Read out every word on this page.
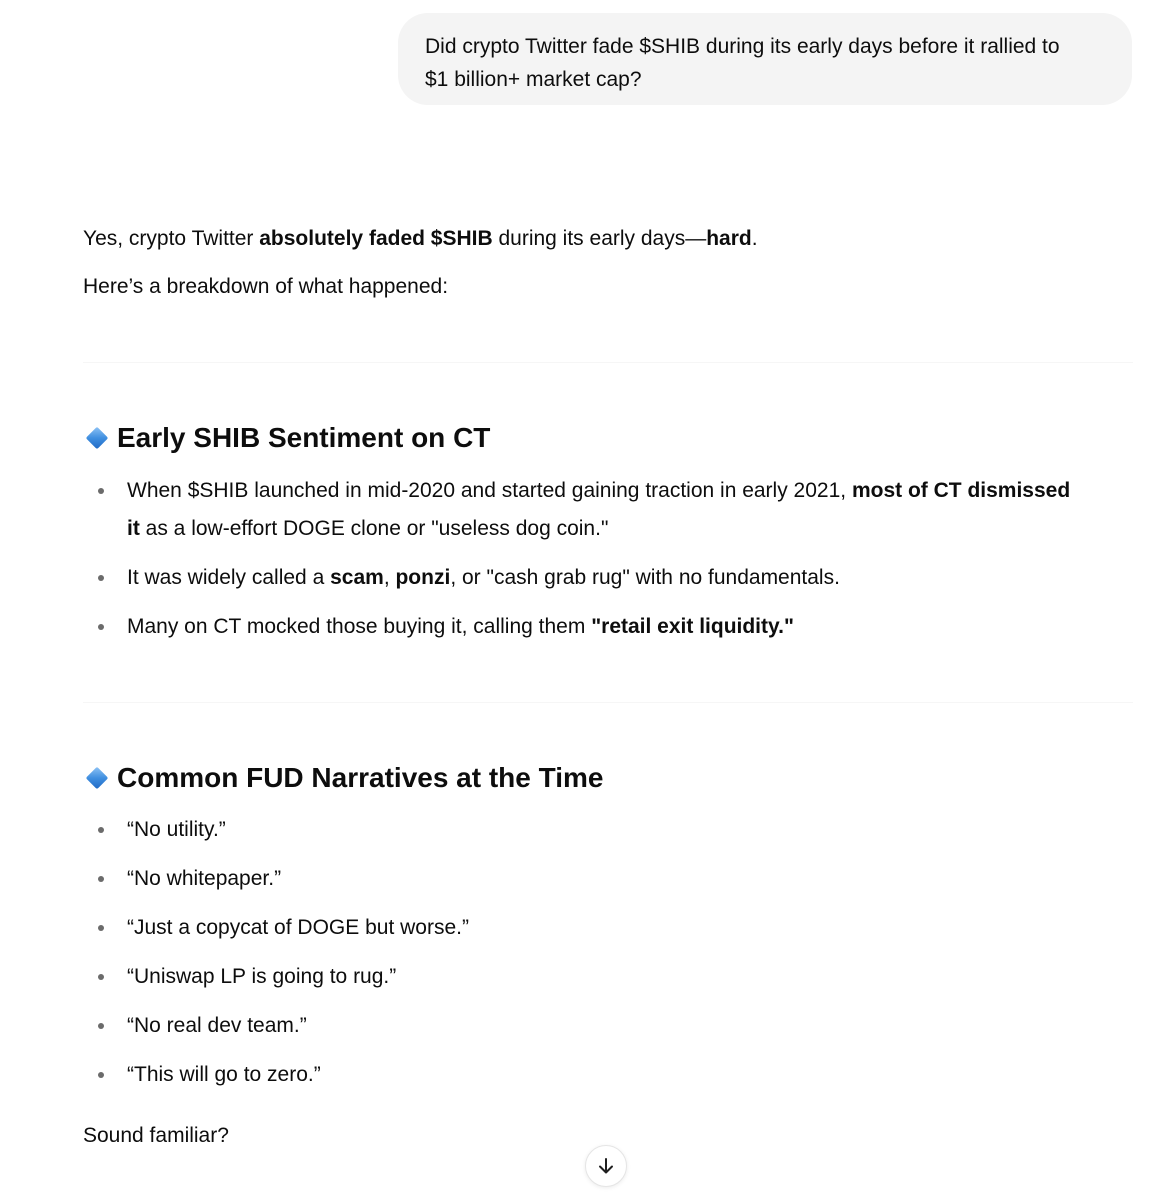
Did crypto Twitter fade $SHIB during its early days before it rallied to
$1 billion+ market cap?

Yes, crypto Twitter absolutely faded $SHIB during its early days—hard.

Here’s a breakdown of what happened:

Early SHIB Sentiment on CT
When $SHIB launched in mid-2020 and started gaining traction in early 2021, most of CT dismissed
it as a low-effort DOGE clone or "useless dog coin."
It was widely called a scam, ponzi, or "cash grab rug" with no fundamentals.
Many on CT mocked those buying it, calling them "retail exit liquidity."
Common FUD Narratives at the Time
“No utility.”
“No whitepaper.”
“Just a copycat of DOGE but worse.”
“Uniswap LP is going to rug.”
“No real dev team.”
“This will go to zero.”

Sound familiar?
